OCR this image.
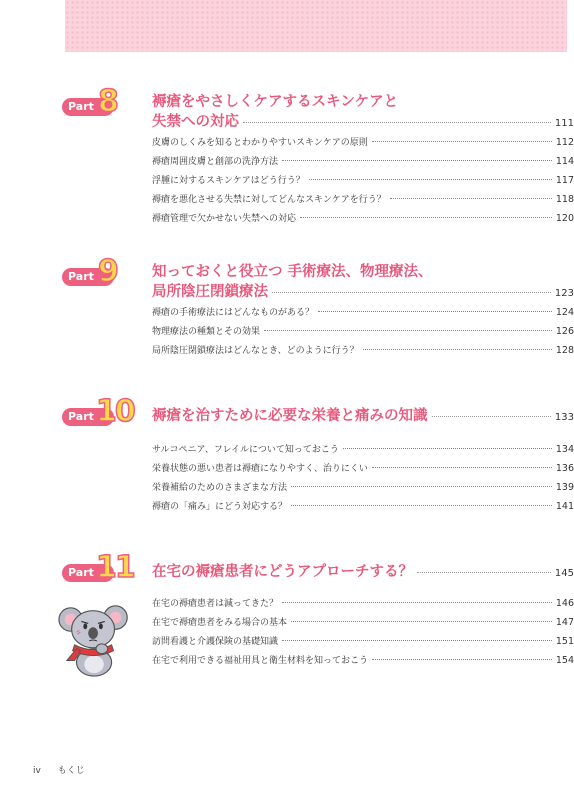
Part 8 褥瘡をやさしくケアするスキンケアと
失禁への対応	111
皮膚のしくみを知るとわかりやすいスキンケアの原則	112
褥瘡周囲皮膚と創部の洗浄方法	114
浮腫に対するスキンケアはどう行う？	117
褥瘡を悪化させる失禁に対してどんなスキンケアを行う？	118
褥瘡管理で欠かせない失禁への対応	120
Part 9 知っておくと役立つ 手術療法、物理療法、
局所陰圧閉鎖療法	123
褥瘡の手術療法にはどんなものがある？	124
物理療法の種類とその効果	126
局所陰圧閉鎖療法はどんなとき、どのように行う？	128
Part 10 褥瘡を治すために必要な栄養と痛みの知識	133
サルコペニア、フレイルについて知っておこう	134
栄養状態の悪い患者は褥瘡になりやすく、治りにくい	136
栄養補給のためのさまざまな方法	139
褥瘡の「痛み」にどう対応する？	141
Part 11 在宅の褥瘡患者にどうアプローチする？	145
在宅の褥瘡患者は減ってきた？	146
在宅で褥瘡患者をみる場合の基本	147
訪問看護と介護保険の基礎知識	151
在宅で利用できる福祉用具と衛生材料を知っておこう	154
iv もくじ
